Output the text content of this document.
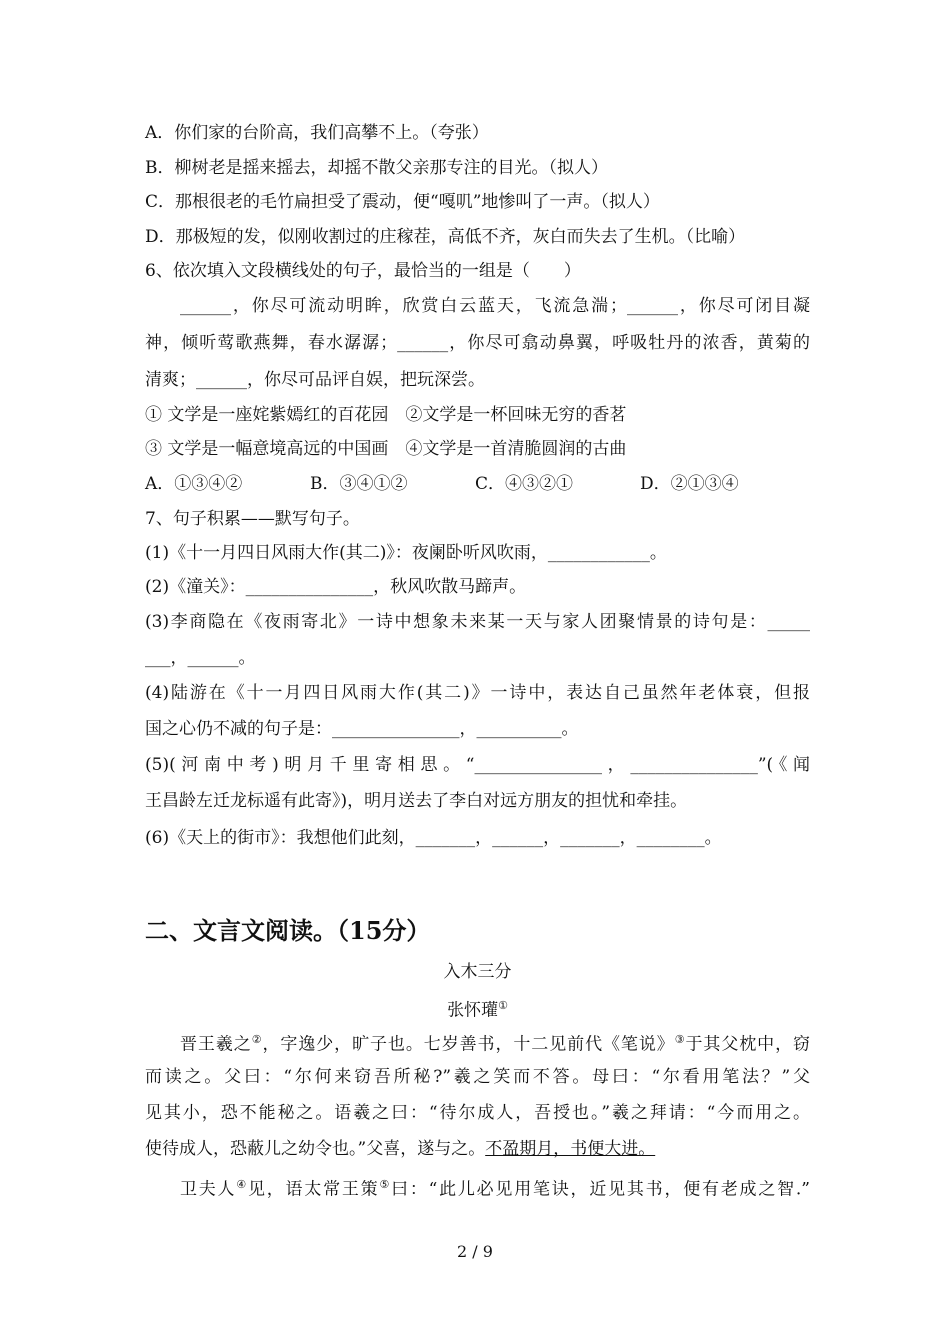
A．你们家的台阶高，我们高攀不上。（夸张）
B．柳树老是摇来摇去，却摇不散父亲那专注的目光。（拟人）
C．那根很老的毛竹扁担受了震动，便“嘎叽”地惨叫了一声。（拟人）
D．那极短的发，似刚收割过的庄稼茬，高低不齐，灰白而失去了生机。（比喻）
6、依次填入文段横线处的句子，最恰当的一组是（　　）
______，你尽可流动明眸，欣赏白云蓝天，飞流急湍；______，你尽可闭目凝
神，倾听莺歌燕舞，春水潺潺；______，你尽可翕动鼻翼，呼吸牡丹的浓香，黄菊的
清爽；______，你尽可品评自娱，把玩深尝。
① 文学是一座姹紫嫣红的百花园　②文学是一杯回味无穷的香茗
③ 文学是一幅意境高远的中国画　④文学是一首清脆圆润的古曲
A．①③④②	B．③④①②	C．④③②①	D．②①③④
7、句子积累——默写句子。
(1)《十一月四日风雨大作(其二)》：夜阑卧听风吹雨，____________。
(2)《潼关》：_______________，秋风吹散马蹄声。
(3)李商隐在《夜雨寄北》一诗中想象未来某一天与家人团聚情景的诗句是：_____
___，______。
(4)陆游在《十一月四日风雨大作(其二)》一诗中，表达自己虽然年老体衰，但报
国之心仍不减的句子是：_______________，__________。
(5)(河南中考)明月千里寄相思。“_______________，_______________”(《闻
王昌龄左迁龙标遥有此寄》)，明月送去了李白对远方朋友的担忧和牵挂。
(6)《天上的街市》：我想他们此刻，_______，______，_______，________。
二、文言文阅读。（15分）
入木三分
张怀瓘①
晋王羲之②，字逸少，旷子也。七岁善书，十二见前代《笔说》③于其父枕中，窃
而读之。父曰：“尔何来窃吾所秘?”羲之笑而不答。母曰：“尔看用笔法？”父
见其小，恐不能秘之。语羲之曰：“待尔成人，吾授也。”羲之拜请：“今而用之。
使待成人，恐蔽儿之幼令也。”父喜，遂与之。不盈期月，书便大进。
卫夫人④见，语太常王策⑤曰：“此儿必见用笔诀，近见其书，便有老成之智.”
2 / 9
